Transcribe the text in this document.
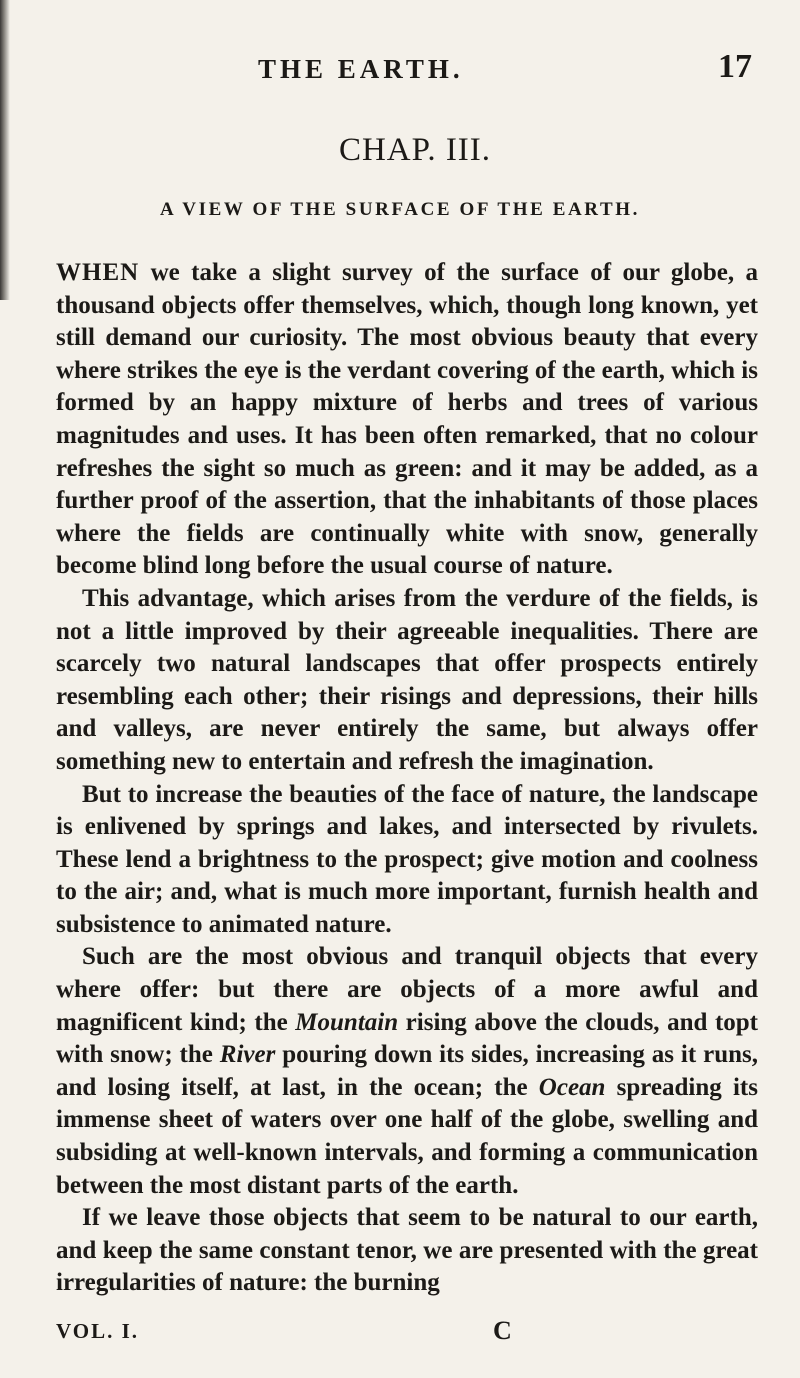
THE EARTH.	17
CHAP. III.
A VIEW OF THE SURFACE OF THE EARTH.

WHEN we take a slight survey of the surface of our globe, a thousand objects offer themselves, which, though long known, yet still demand our curiosity. The most obvious beauty that every where strikes the eye is the verdant covering of the earth, which is formed by an happy mixture of herbs and trees of various magnitudes and uses. It has been often remarked, that no colour refreshes the sight so much as green: and it may be added, as a further proof of the assertion, that the inhabitants of those places where the fields are continually white with snow, generally become blind long before the usual course of nature.

This advantage, which arises from the verdure of the fields, is not a little improved by their agreeable inequalities. There are scarcely two natural landscapes that offer prospects entirely resembling each other; their risings and depressions, their hills and valleys, are never entirely the same, but always offer something new to entertain and refresh the imagination.

But to increase the beauties of the face of nature, the landscape is enlivened by springs and lakes, and intersected by rivulets. These lend a brightness to the prospect; give motion and coolness to the air; and, what is much more important, furnish health and subsistence to animated nature.

Such are the most obvious and tranquil objects that every where offer: but there are objects of a more awful and magnificent kind; the Mountain rising above the clouds, and topt with snow; the River pouring down its sides, increasing as it runs, and losing itself, at last, in the ocean; the Ocean spreading its immense sheet of waters over one half of the globe, swelling and subsiding at well-known intervals, and forming a communication between the most distant parts of the earth.

If we leave those objects that seem to be natural to our earth, and keep the same constant tenor, we are presented with the great irregularities of nature: the burning

VOL. I.	C
